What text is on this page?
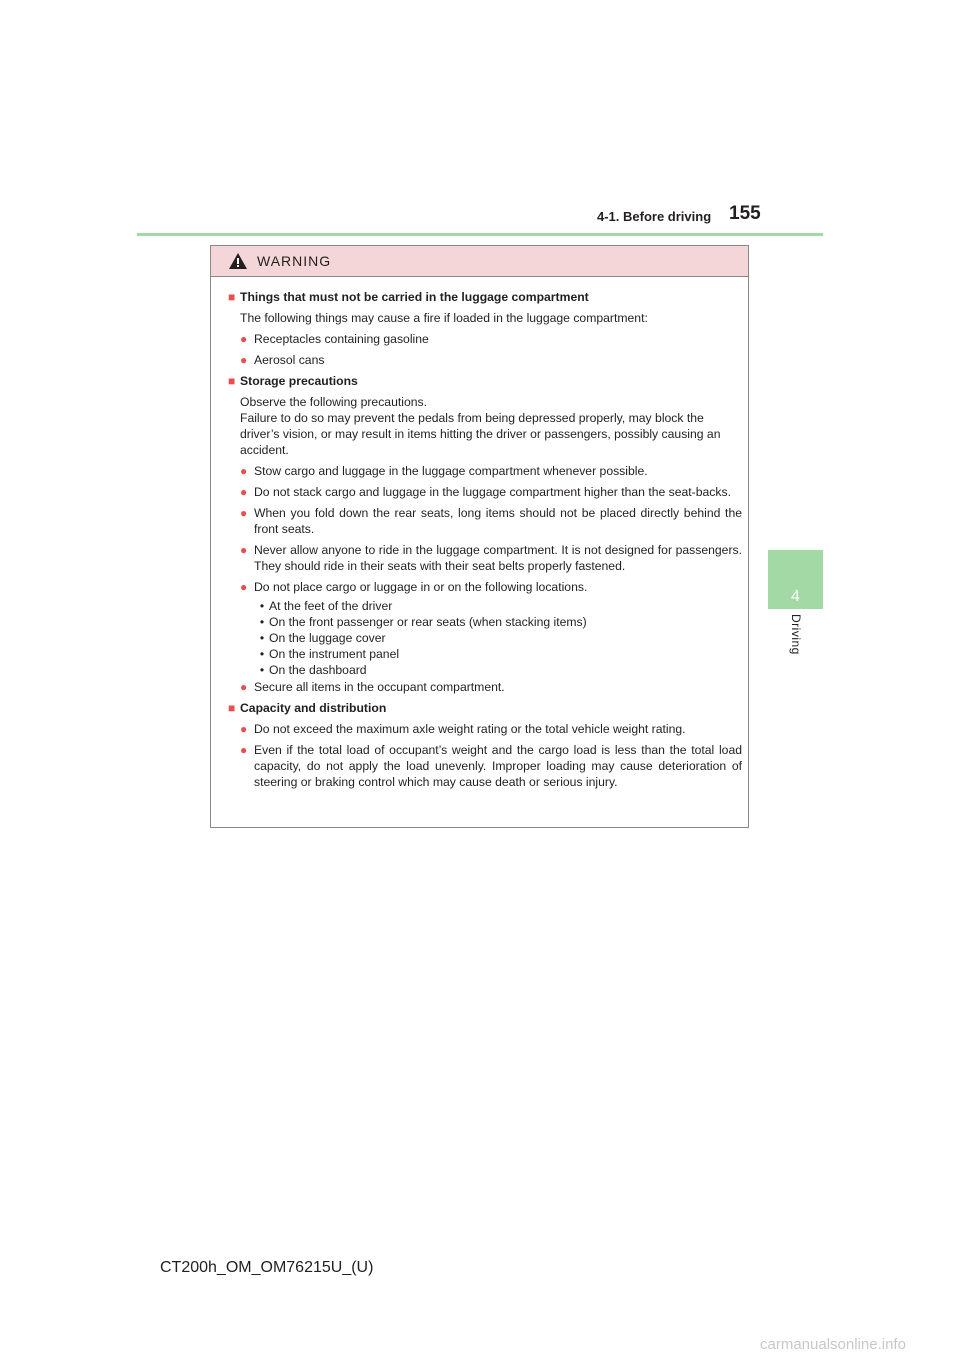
4-1. Before driving 155
4
Driving
WARNING
■ Things that must not be carried in the luggage compartment
The following things may cause a fire if loaded in the luggage compartment:
● Receptacles containing gasoline
● Aerosol cans
■ Storage precautions
Observe the following precautions.
Failure to do so may prevent the pedals from being depressed properly, may block the driver’s vision, or may result in items hitting the driver or passengers, possibly causing an accident.
● Stow cargo and luggage in the luggage compartment whenever possible.
● Do not stack cargo and luggage in the luggage compartment higher than the seat-backs.
● When you fold down the rear seats, long items should not be placed directly behind the front seats.
● Never allow anyone to ride in the luggage compartment. It is not designed for passengers. They should ride in their seats with their seat belts properly fastened.
● Do not place cargo or luggage in or on the following locations.
• At the feet of the driver
• On the front passenger or rear seats (when stacking items)
• On the luggage cover
• On the instrument panel
• On the dashboard
● Secure all items in the occupant compartment.
■ Capacity and distribution
● Do not exceed the maximum axle weight rating or the total vehicle weight rating.
● Even if the total load of occupant’s weight and the cargo load is less than the total load capacity, do not apply the load unevenly. Improper loading may cause deterioration of steering or braking control which may cause death or serious injury.
CT200h_OM_OM76215U_(U)
carmanualsonline.info
